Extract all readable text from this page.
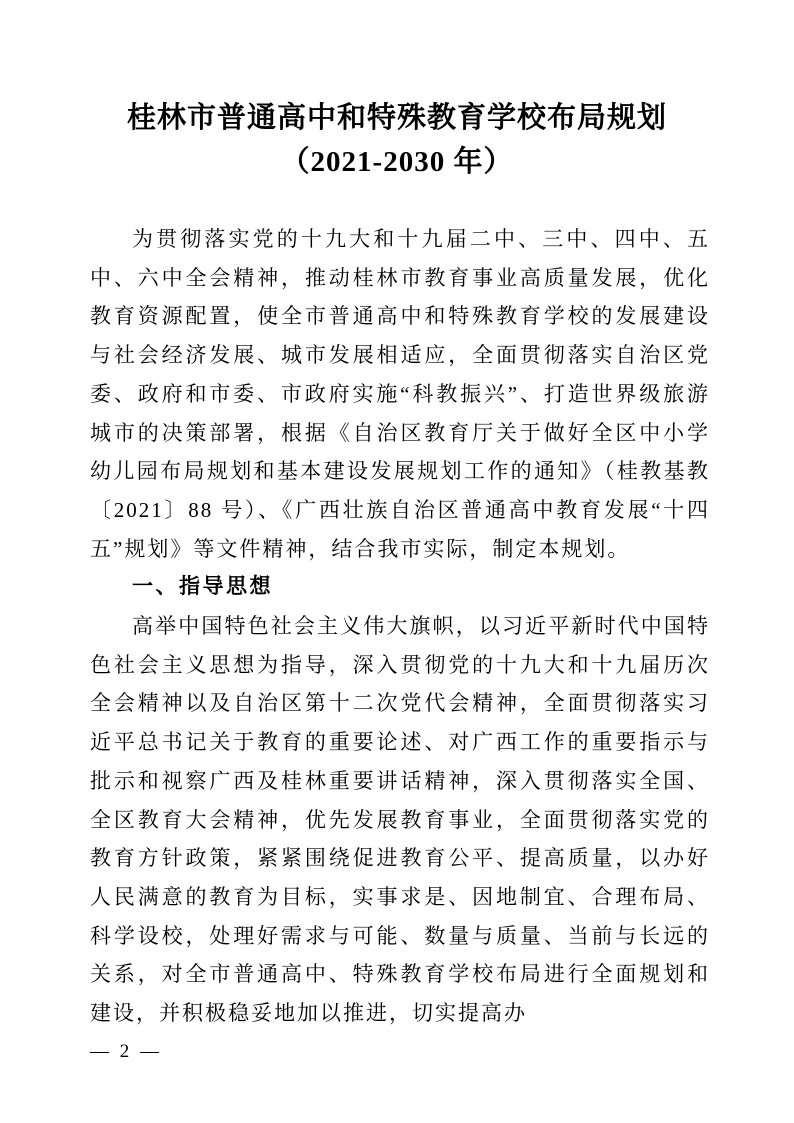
桂林市普通高中和特殊教育学校布局规划
（2021-2030 年）

为贯彻落实党的十九大和十九届二中、三中、四中、五中、六中全会精神，推动桂林市教育事业高质量发展，优化教育资源配置，使全市普通高中和特殊教育学校的发展建设与社会经济发展、城市发展相适应，全面贯彻落实自治区党委、政府和市委、市政府实施“科教振兴”、打造世界级旅游城市的决策部署，根据《自治区教育厅关于做好全区中小学幼儿园布局规划和基本建设发展规划工作的通知》（桂教基教〔2021〕88 号）、《广西壮族自治区普通高中教育发展“十四五”规划》等文件精神，结合我市实际，制定本规划。

一、指导思想

高举中国特色社会主义伟大旗帜，以习近平新时代中国特色社会主义思想为指导，深入贯彻党的十九大和十九届历次全会精神以及自治区第十二次党代会精神，全面贯彻落实习近平总书记关于教育的重要论述、对广西工作的重要指示与批示和视察广西及桂林重要讲话精神，深入贯彻落实全国、全区教育大会精神，优先发展教育事业，全面贯彻落实党的教育方针政策，紧紧围绕促进教育公平、提高质量，以办好人民满意的教育为目标，实事求是、因地制宜、合理布局、科学设校，处理好需求与可能、数量与质量、当前与长远的关系，对全市普通高中、特殊教育学校布局进行全面规划和建设，并积极稳妥地加以推进，切实提高办

— 2 —
